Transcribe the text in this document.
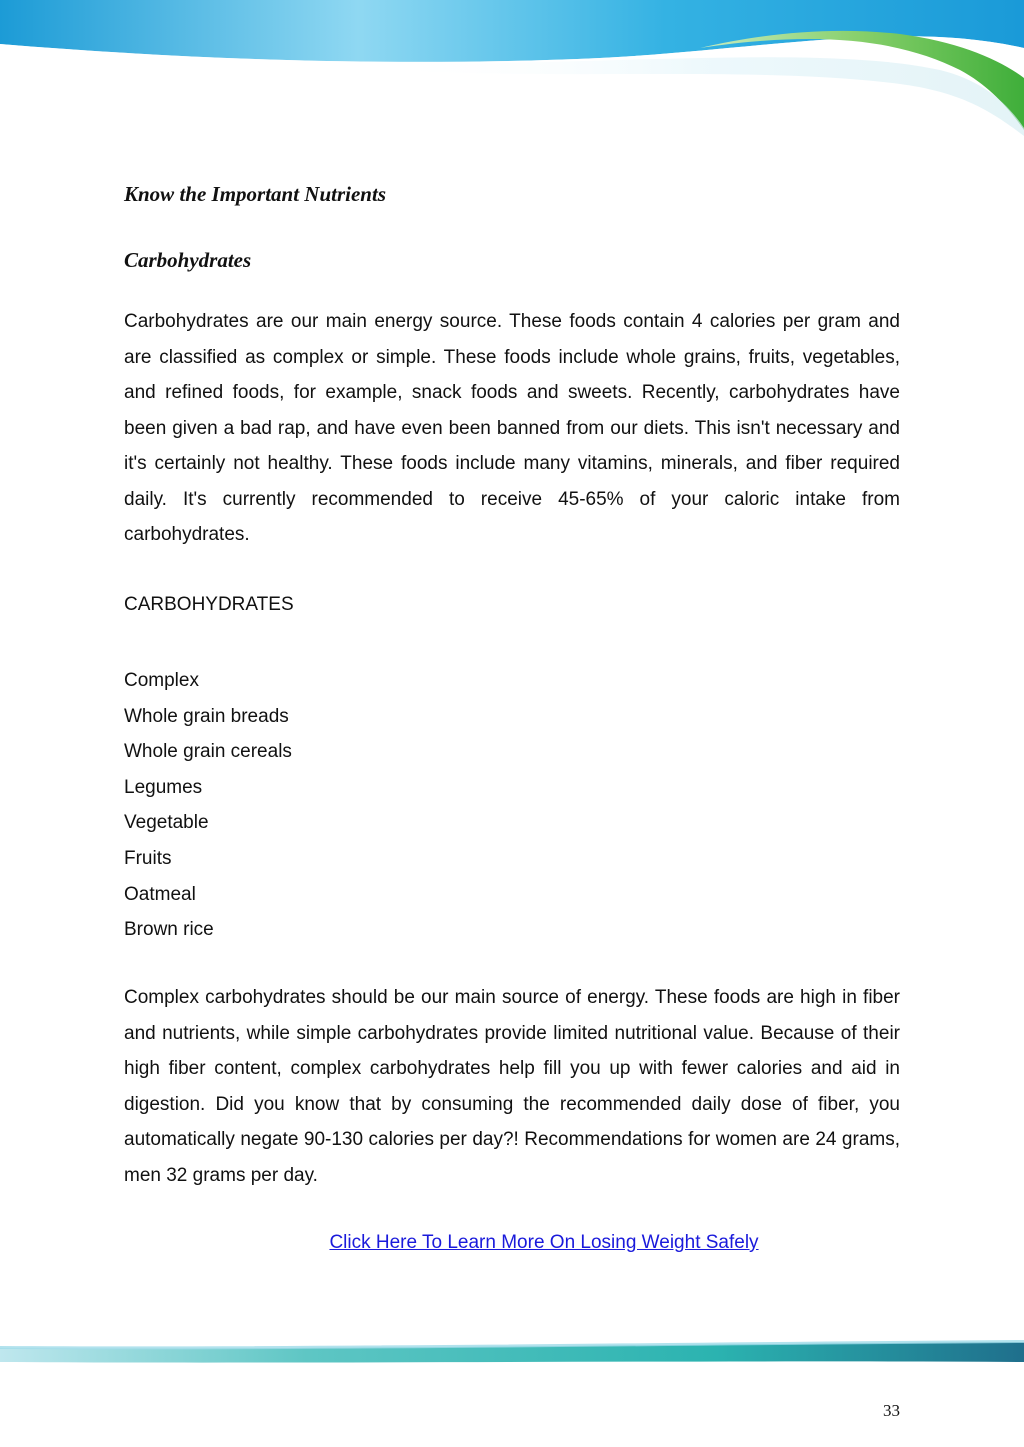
Know the Important Nutrients
Carbohydrates

Carbohydrates are our main energy source. These foods contain 4 calories per gram and are classified as complex or simple. These foods include whole grains, fruits, vegetables, and refined foods, for example, snack foods and sweets. Recently, carbohydrates have been given a bad rap, and have even been banned from our diets. This isn't necessary and it's certainly not healthy. These foods include many vitamins, minerals, and fiber required daily. It's currently recommended to receive 45-65% of your caloric intake from carbohydrates.

CARBOHYDRATES
Complex
Whole grain breads
Whole grain cereals
Legumes
Vegetable
Fruits
Oatmeal
Brown rice

Complex carbohydrates should be our main source of energy. These foods are high in fiber and nutrients, while simple carbohydrates provide limited nutritional value. Because of their high fiber content, complex carbohydrates help fill you up with fewer calories and aid in digestion. Did you know that by consuming the recommended daily dose of fiber, you automatically negate 90-130 calories per day?! Recommendations for women are 24 grams, men 32 grams per day.

Click Here To Learn More On Losing Weight Safely
33
